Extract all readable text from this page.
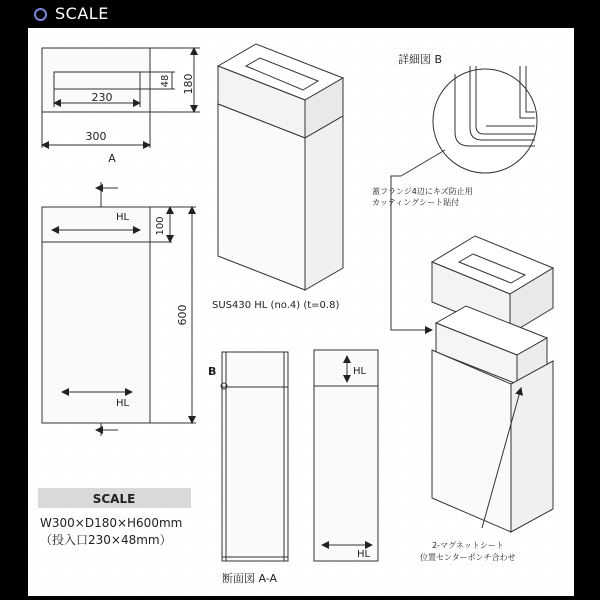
SCALE
230
48 180
300
A
HL
HL
100
600 SUS430 HL (no.4) (t=0.8)
詳細図 B
蓋フランジ4辺にキズ防止用
カッティングシート貼付
2-マグネットシート
位置センターポンチ合わせ
B
断面図 A-A
HL
HL
SCALE
W300×D180×H600mm
（投入口230×48mm）
